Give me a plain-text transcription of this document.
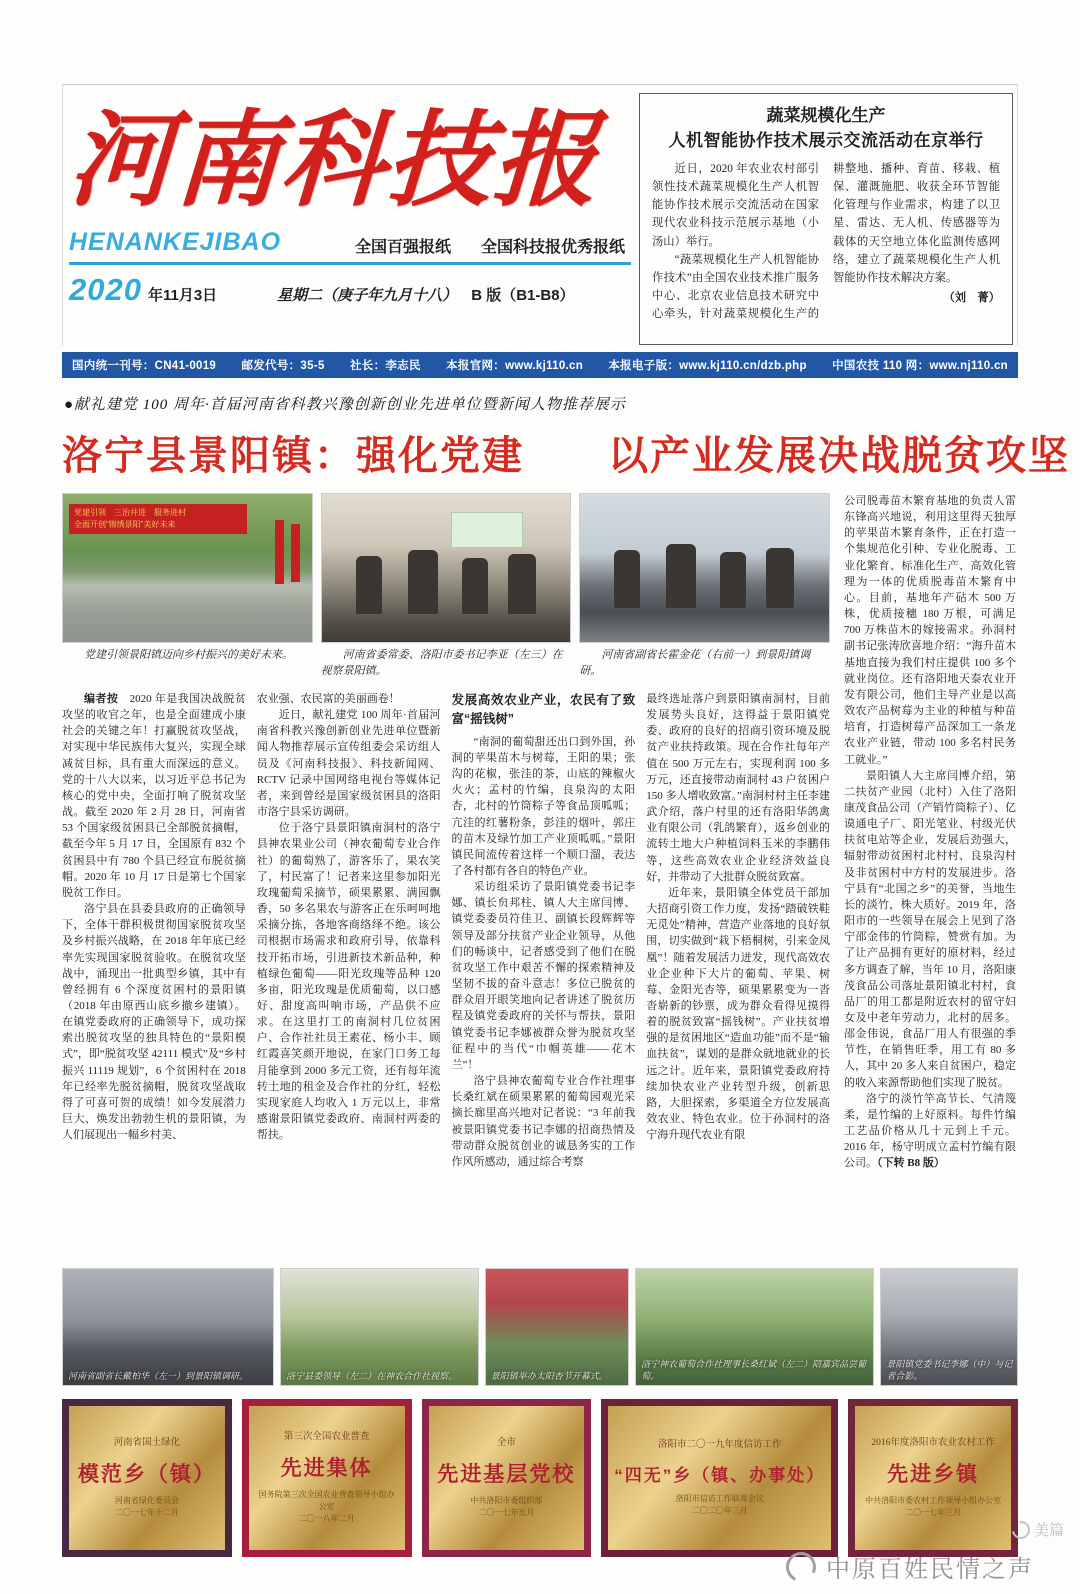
河南科技报
HENANKEJIBAO	全国百强报纸 全国科技报优秀报纸
2020 年11月3日	星期二（庚子年九月十八） B 版（B1-B8）
蔬菜规模化生产
人机智能协作技术展示交流活动在京举行

近日，2020 年农业农村部引领性技术蔬菜规模化生产人机智能协作技术展示交流活动在国家现代农业科技示范展示基地（小汤山）举行。

“蔬菜规模化生产人机智能协作技术”由全国农业技术推广服务中心、北京农业信息技术研究中心牵头，针对蔬菜规模化生产的耕整地、播种、育苗、移栽、植保、灌溉施肥、收获全环节智能化管理与作业需求，构建了以卫星、雷达、无人机、传感器等为载体的天空地立体化监测传感网络，建立了蔬菜规模化生产人机智能协作技术解决方案。

（刘　菁）
国内统一刊号：CN41-0019 邮发代号：35-5 社长：李志民 本报官网：www.kj110.cn 本报电子版：www.kj110.cn/dzb.php 中国农技 110 网：www.nj110.cn
●献礼建党 100 周年·首届河南省科教兴豫创新创业先进单位暨新闻人物推荐展示
洛宁县景阳镇：强化党建　　以产业发展决战脱贫攻坚
党建引领　三治并进　服务进村
全面开创“锦绣景阳”美好未来
党建引领景阳镇迈向乡村振兴的美好未来。	河南省委常委、洛阳市委书记李亚（左三）在视察景阳镇。
河南省副省长霍金花（右前一）到景阳镇调研。

编者按　2020 年是我国决战脱贫攻坚的收官之年，也是全面建成小康社会的关键之年！打赢脱贫攻坚战，对实现中华民族伟大复兴，实现全球减贫目标，具有重大而深远的意义。党的十八大以来，以习近平总书记为核心的党中央，全面打响了脱贫攻坚战。截至 2020 年 2 月 28 日，河南省 53 个国家级贫困县已全部脱贫摘帽，截至今年 5 月 17 日，全国原有 832 个贫困县中有 780 个县已经宣布脱贫摘帽。2020 年 10 月 17 日是第七个国家脱贫工作日。

洛宁县在县委县政府的正确领导下，全体干群积极贯彻国家脱贫攻坚及乡村振兴战略，在 2018 年年底已经率先实现国家脱贫验收。在脱贫攻坚战中，涌现出一批典型乡镇，其中有曾经拥有 6 个深度贫困村的景阳镇（2018 年由原西山底乡撤乡建镇）。在镇党委政府的正确领导下，成功探索出脱贫攻坚的独具特色的“景阳模式”，即“脱贫攻坚 42111 模式”及“乡村振兴 11119 规划”，6 个贫困村在 2018 年已经率先脱贫摘帽，脱贫攻坚战取得了可喜可贺的成绩！如今发展潜力巨大、焕发出勃勃生机的景阳镇，为人们展现出一幅乡村美、

农业强、农民富的美丽画卷！

近日，献礼建党 100 周年·首届河南省科教兴豫创新创业先进单位暨新闻人物推荐展示宣传组委会采访组人员及《河南科技报》、科技新闻网、RCTV 记录中国网络电视台等媒体记者，来到曾经是国家级贫困县的洛阳市洛宁县采访调研。

位于洛宁县景阳镇南洞村的洛宁县神农果业公司（神农葡萄专业合作社）的葡萄熟了，游客乐了，果农笑了，村民富了！记者来这里参加阳光玫瑰葡萄采摘节，硕果累累、满园飘香，50 多名果农与游客正在乐呵呵地采摘分拣，各地客商络绎不绝。该公司根据市场需求和政府引导，依靠科技开拓市场，引进新技术新品种，种植绿色葡萄——阳光玫瑰等品种 120 多亩，阳光玫瑰是优质葡萄，以口感好、甜度高叫响市场，产品供不应求。在这里打工的南洞村几位贫困户、合作社社员王素花、杨小丰、顾红霞喜笑颜开地说，在家门口务工每月能拿到 2000 多元工资，还有每年流转土地的租金及合作社的分红，轻松实现家庭人均收入 1 万元以上，非常感谢景阳镇党委政府、南洞村两委的帮扶。

发展高效农业产业，农民有了致富“摇钱树”

“南洞的葡萄甜还出口到外国，孙洞的苹果苗木与树莓，王阳的果；张沟的花椒，张洼的茶，山底的辣椒火火火；孟村的竹编，良泉沟的太阳杏，北村的竹筒粽子等食品顶呱呱；亢洼的红薯粉条，彭洼的烟叶，郭庄的苗木及绿竹加工产业顶呱呱。”景阳镇民间流传着这样一个顺口溜，表达了各村都有各自的特色产业。

采访组采访了景阳镇党委书记李娜、镇长贠邦柱、镇人大主席闫博、镇党委委员符佳卫、副镇长段辉辉等领导及部分扶贫产业企业领导，从他们的畅谈中，记者感受到了他们在脱贫攻坚工作中艰苦不懈的探索精神及坚韧不拔的奋斗意志！多位已脱贫的群众眉开眼笑地向记者讲述了脱贫历程及镇党委政府的关怀与帮扶，景阳镇党委书记李娜被群众誉为脱贫攻坚征程中的当代“巾帼英雄——花木兰”！

洛宁县神农葡萄专业合作社理事长桑红斌在硕果累累的葡萄园观光采摘长廊里高兴地对记者说：“3 年前我被景阳镇党委书记李娜的招商热情及带动群众脱贫创业的诚恳务实的工作作风所感动，通过综合考察

最终选址落户到景阳镇南洞村，目前发展势头良好，这得益于景阳镇党委、政府的良好的招商引资环境及脱贫产业扶持政策。现在合作社每年产值在 500 万元左右，实现利润 100 多万元，还直接带动南洞村 43 户贫困户 150 多人增收致富。”南洞村村主任李建武介绍，落户村里的还有洛阳华鸽禽业有限公司（乳鸽繁育），返乡创业的流转土地大户种植饲料玉米的李鹏伟等，这些高效农业企业经济效益良好，并带动了大批群众脱贫致富。

近年来，景阳镇全体党员干部加大招商引资工作力度，发扬“踏破铁鞋无觅处”精神，营造产业落地的良好氛围，切实做到“栽下梧桐树，引来金凤凰”！随着发展活力迸发，现代高效农业企业种下大片的葡萄、苹果、树莓、金阳光杏等，硕果累累变为一沓沓崭新的钞票，成为群众看得见摸得着的脱贫致富“摇钱树”。产业扶贫增强的是贫困地区“造血功能”而不是“输血扶贫”，谋划的是群众就地就业的长远之计。近年来，景阳镇党委政府持续加快农业产业转型升级，创新思路，大胆探索，多渠道全方位发展高效农业、特色农业。位于孙洞村的洛宁海升现代农业有限

公司脱毒苗木繁育基地的负责人雷东锋高兴地说，利用这里得天独厚的苹果苗木繁育条件，正在打造一个集规范化引种、专业化脱毒、工业化繁育、标准化生产、高效化管理为一体的优质脱毒苗木繁育中心。目前，基地年产砧木 500 万株，优质接穗 180 万根，可满足 700 万株苗木的嫁接需求。孙洞村副书记张涛欣喜地介绍：“海升苗木基地直接为我们村庄提供 100 多个就业岗位。还有洛阳地天泰农业开发有限公司，他们主导产业是以高效农产品树莓为主业的种植与种苗培育，打造树莓产品深加工一条龙农业产业链，带动 100 多名村民务工就业。”

景阳镇人大主席闫博介绍，第二扶贫产业园（北村）入住了洛阳康茂食品公司（产销竹筒粽子）、亿谟通电子厂、阳光笔业、村级光伏扶贫电站等企业，发展后劲强大，辐射带动贫困村北村村、良泉沟村及非贫困村中方村的发展进步。洛宁县有“北国之乡”的美誉，当地生长的淡竹，株大质好。2019 年，洛阳市的一些领导在展会上见到了洛宁邵金伟的竹筒粽，赞赏有加。为了让产品拥有更好的原材料，经过多方调查了解，当年 10 月，洛阳康茂食品公司落址景阳镇北村村，食品厂的用工都是附近农村的留守妇女及中老年劳动力，北村的居多。邵金伟说，食品厂用人有很强的季节性，在销售旺季，用工有 80 多人，其中 20 多人来自贫困户，稳定的收入来源帮助他们实现了脱贫。

洛宁的淡竹竿高节长、气清篾柔，是竹编的上好原料。每件竹编工艺品价格从几十元到上千元。2016 年，杨守明成立孟村竹编有限公司。（下转 B8 版）

河南省副省长戴柏华（左一）到景阳镇调研。	洛宁县委领导（左二）在神农合作社视察。	景阳镇举办太阳杏节开幕式。
洛宁神农葡萄合作社理事长桑红斌（左二）陪嘉宾品尝葡萄。
景阳镇党委书记李娜（中）与记者合影。
河南省国土绿化
模范乡（镇）
河南省绿化委员会
二〇一七年十二月
第三次全国农业普查
先进集体
国务院第三次全国农业普查领导小组办公室
二〇一八年二月
全市
先进基层党校
中共洛阳市委组织部
二〇一七年五月
洛阳市二〇一九年度信访工作
“四无”乡（镇、办事处）
洛阳市信访工作联席会议
二〇二〇年三月
2016年度洛阳市农业农村工作
先进乡镇
中共洛阳市委农村工作领导小组办公室
二〇一七年三月
美篇
中原百姓民情之声
